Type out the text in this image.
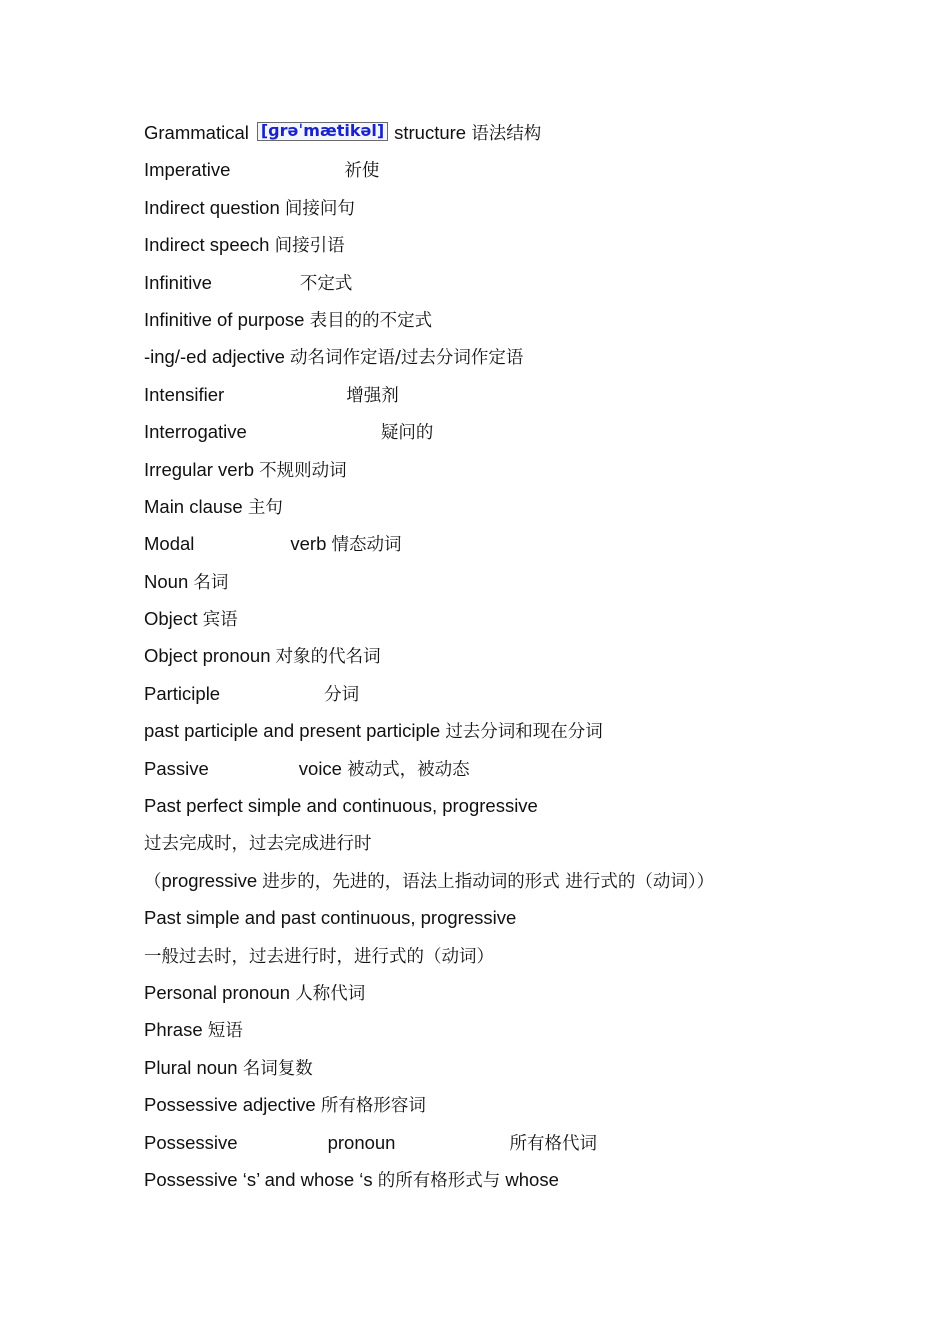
Grammatical [ɡrəˈmætikəl] structure 语法结构
Imperative	祈使
Indirect question 间接问句
Indirect speech 间接引语
Infinitive	不定式
Infinitive of purpose 表目的的不定式
-ing/-ed adjective 动名词作定语/过去分词作定语
Intensifier	增强剂
Interrogative	疑问的
Irregular verb 不规则动词
Main clause 主句
Modal	verb 情态动词
Noun 名词
Object 宾语
Object pronoun 对象的代名词
Participle	分词
past participle and present participle 过去分词和现在分词
Passive	voice 被动式，被动态
Past perfect simple and continuous, progressive
过去完成时，过去完成进行时
（progressive 进步的，先进的，语法上指动词的形式 进行式的（动词））
Past simple and past continuous, progressive
一般过去时，过去进行时，进行式的（动词）
Personal pronoun 人称代词
Phrase 短语
Plural noun 名词复数
Possessive adjective 所有格形容词
Possessive	pronoun	所有格代词
Possessive ‘s’ and whose ‘s 的所有格形式与 whose
